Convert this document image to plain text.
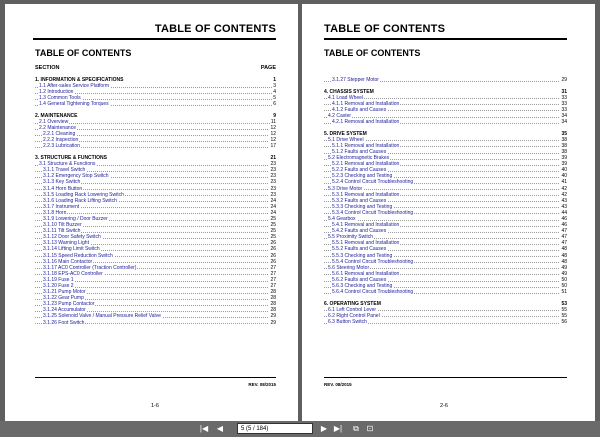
TABLE OF CONTENTS
TABLE OF CONTENTS
SECTION	PAGE
1. INFORMATION & SPECIFICATIONS	1
1.1 After-sales Service Platform	3
1.2 Introduction	4
1.3 Common Tools	5
1.4 General Tightening Torques	6
2. MAINTENANCE	9
2.1 Overview	11
2.2 Maintenance	12
2.2.1 Cleaning	12
2.2.2 Inspection	12
2.2.3 Lubrication	17
3. STRUCTURE & FUNCTIONS	21
3.1 Structure & Functions	23
3.1.1 Travel Switch	23
3.1.2 Emergency Stop Switch	23
3.1.3 Key Switch	23
3.1.4 Horn Button	23
3.1.5 Loading Rack Lowering Switch	23
3.1.6 Loading Rack Lifting Switch	24
3.1.7 Instrument	24
3.1.8 Horn	24
3.1.9 Lowering / Door Buzzer	25
3.1.10 Tilt Buzzer	25
3.1.11 Tilt Switch	25
3.1.12 Door Safety Switch	25
3.1.13 Warning Light	26
3.1.14 Lifting Limit Switch	26
3.1.15 Speed Reduction Switch	26
3.1.16 Main Contactor	26
3.1.17 AC0 Controller (Traction Controller)	27
3.1.18 EPS-AC0 Controller	27
3.1.19 Fuse 1	27
3.1.20 Fuse 2	27
3.1.21 Pump Motor	28
3.1.22 Gear Pump	28
3.1.23 Pump Contactor	28
3.1.24 Accumulator	28
3.1.25 Solenoid Valve / Manual Pressure Relief Valve	29
3.1.26 Foot Switch	29
REV. 08/2015
1-6
TABLE OF CONTENTS
TABLE OF CONTENTS
3.1.27 Stepper Motor	29
4. CHASSIS SYSTEM	31
4.1 Load Wheel	33
4.1.1 Removal and Installation	33
4.1.2 Faults and Causes	33
4.2 Caster	34
4.2.1 Removal and Installation	34
5. DRIVE SYSTEM	35
5.1 Drive Wheel	38
5.1.1 Removal and Installation	38
5.1.2 Faults and Causes	38
5.2 Electromagnetic Brakes	39
5.2.1 Removal and Installation	39
5.2.2 Faults and Causes	40
5.2.3 Checking and Testing	40
5.2.4 Control Circuit Troubleshooting	41
5.3 Drive Motor	42
5.3.1 Removal and Installation	42
5.3.2 Faults and Causes	43
5.3.3 Checking and Testing	43
5.3.4 Control Circuit Troubleshooting	44
5.4 Gearbox	46
5.4.1 Removal and Installation	46
5.4.2 Faults and Causes	47
5.5 Proximity Switch	47
5.5.1 Removal and Installation	47
5.5.2 Faults and Causes	48
5.5.3 Checking and Testing	48
5.5.4 Control Circuit Troubleshooting	48
5.6 Steering Motor	49
5.6.1 Removal and Installation	49
5.6.2 Faults and Causes	50
5.6.3 Checking and Testing	50
5.6.4 Control Circuit Troubleshooting	51
6. OPERATING SYSTEM	53
6.1 Left Control Lever	55
6.2 Right Control Panel	55
6.3 Button Switch	56
REV. 08/2015
2-6
|◀	◀	5 (5 / 184)	▶ ▶|	⧉ ⊡
